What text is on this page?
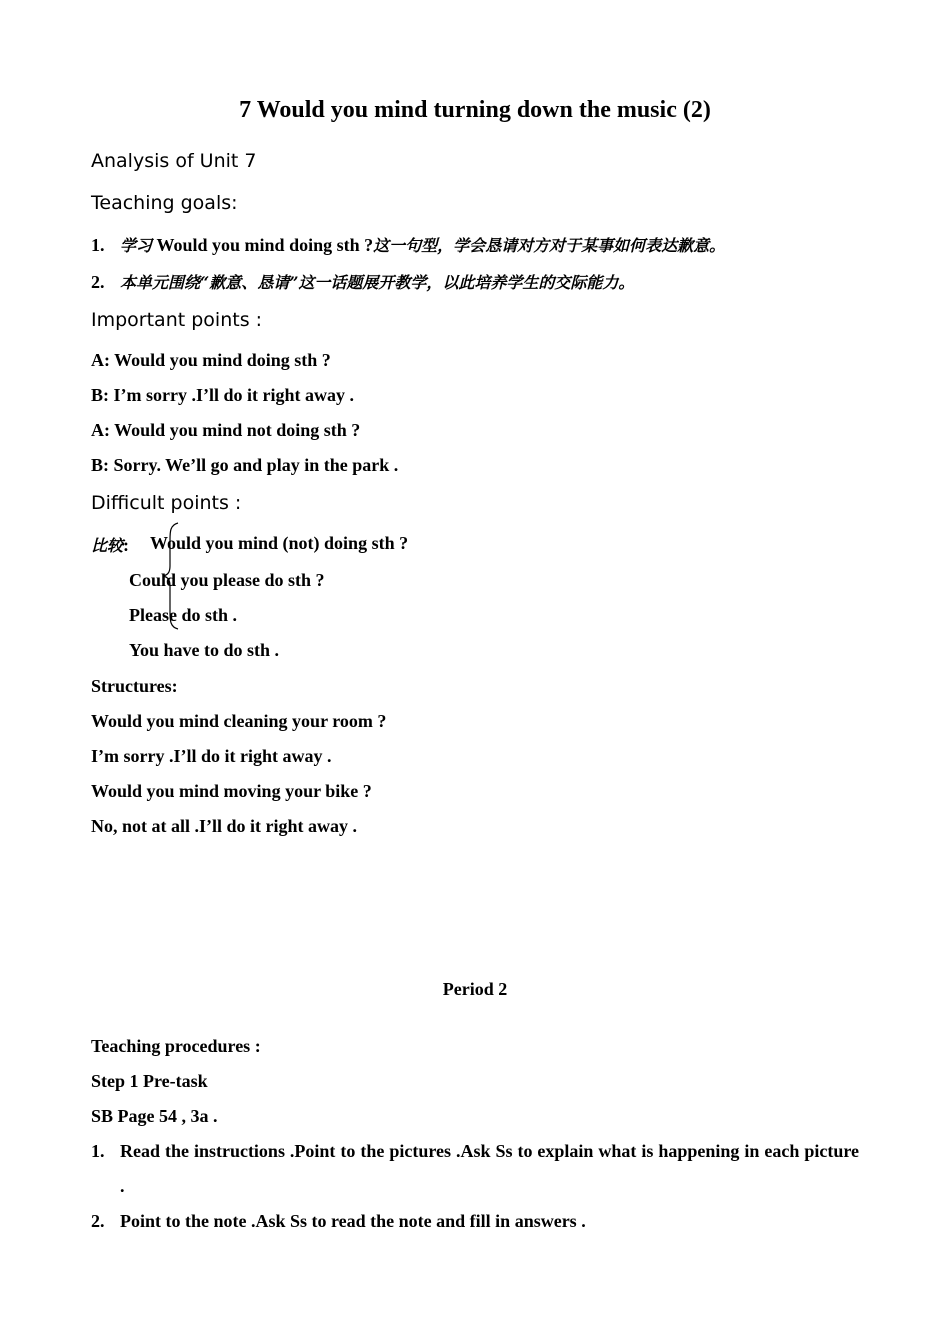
7 Would you mind turning down the music (2)
Analysis of Unit 7
Teaching goals:
1. 学习 Would you mind doing sth ?这一句型，学会恳请对方对于某事如何表达歉意。
2. 本单元围绕“歉意、恳请”这一话题展开教学，以此培养学生的交际能力。
Important points :
A: Would you mind doing sth ?
B: I’m sorry .I’ll do it right away .
A: Would you mind not doing sth ?
B: Sorry. We’ll go and play in the park .
Difficult points :
比较: Would you mind (not) doing sth ?
Could you please do sth ?
Please do sth .
You have to do sth .
Structures:
Would you mind cleaning your room ?
I’m sorry .I’ll do it right away .
Would you mind moving your bike ?
No, not at all .I’ll do it right away .
Period 2
Teaching procedures :
Step 1 Pre-task
SB Page 54 , 3a .
1. Read the instructions .Point to the pictures .Ask Ss to explain what is happening in each picture .
2. Point to the note .Ask Ss to read the note and fill in answers .
